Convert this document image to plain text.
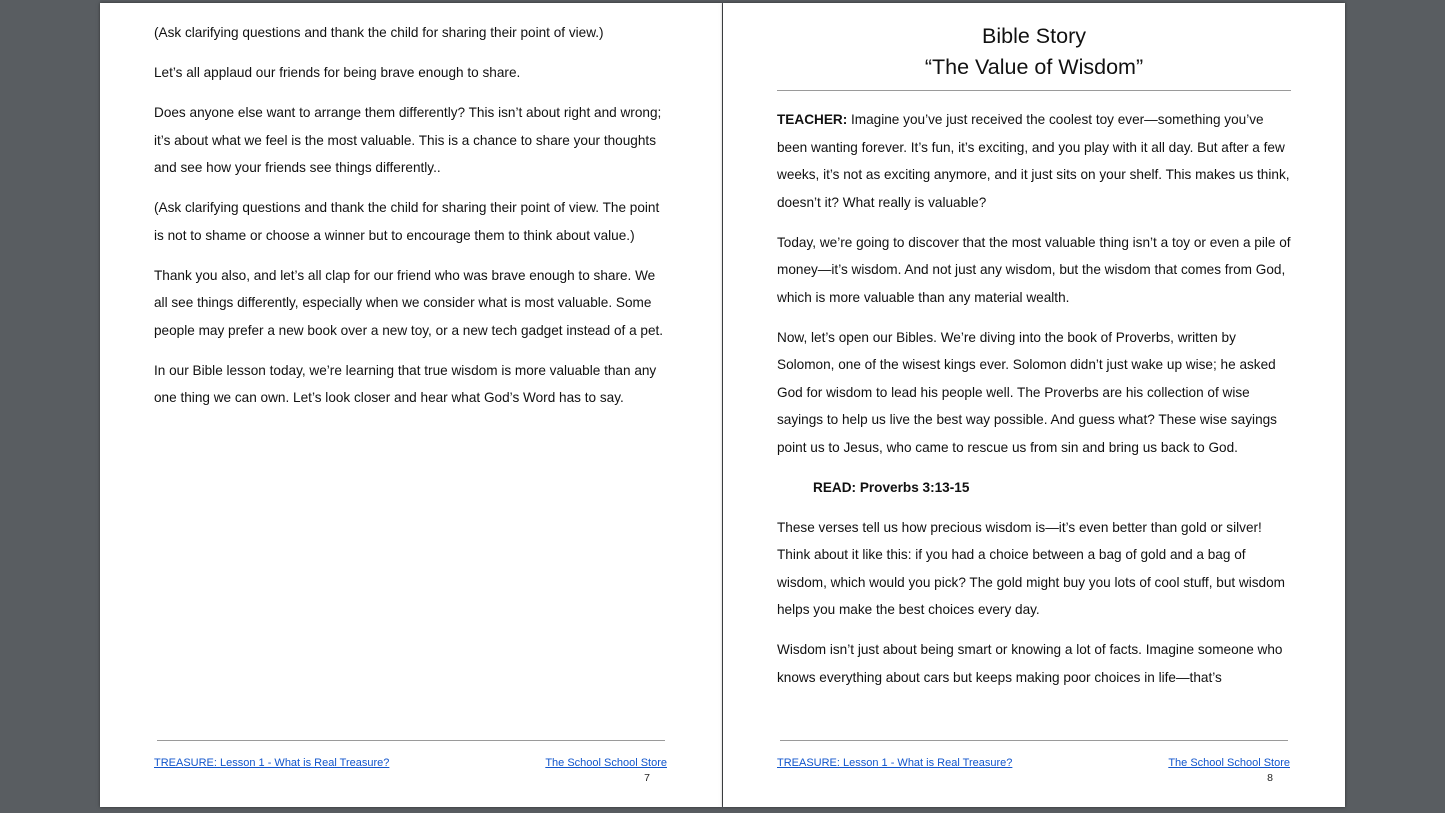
(Ask clarifying questions and thank the child for sharing their point of view.)

Let’s all applaud our friends for being brave enough to share.

Does anyone else want to arrange them differently? This isn’t about right and wrong; it’s about what we feel is the most valuable. This is a chance to share your thoughts and see how your friends see things differently..

(Ask clarifying questions and thank the child for sharing their point of view. The point is not to shame or choose a winner but to encourage them to think about value.)

Thank you also, and let’s all clap for our friend who was brave enough to share. We all see things differently, especially when we consider what is most valuable. Some people may prefer a new book over a new toy, or a new tech gadget instead of a pet.

In our Bible lesson today, we’re learning that true wisdom is more valuable than any one thing we can own. Let’s look closer and hear what God’s Word has to say.

TREASURE: Lesson 1 - What is Real Treasure?	The School School Store
7
Bible Story
“The Value of Wisdom”

TEACHER: Imagine you’ve just received the coolest toy ever—something you’ve been wanting forever. It’s fun, it’s exciting, and you play with it all day. But after a few weeks, it’s not as exciting anymore, and it just sits on your shelf. This makes us think, doesn’t it? What really is valuable?

Today, we’re going to discover that the most valuable thing isn’t a toy or even a pile of money—it’s wisdom. And not just any wisdom, but the wisdom that comes from God, which is more valuable than any material wealth.

Now, let’s open our Bibles. We’re diving into the book of Proverbs, written by Solomon, one of the wisest kings ever. Solomon didn’t just wake up wise; he asked God for wisdom to lead his people well. The Proverbs are his collection of wise sayings to help us live the best way possible. And guess what? These wise sayings point us to Jesus, who came to rescue us from sin and bring us back to God.

READ: Proverbs 3:13-15

These verses tell us how precious wisdom is—it’s even better than gold or silver! Think about it like this: if you had a choice between a bag of gold and a bag of wisdom, which would you pick? The gold might buy you lots of cool stuff, but wisdom helps you make the best choices every day.

Wisdom isn’t just about being smart or knowing a lot of facts. Imagine someone who knows everything about cars but keeps making poor choices in life—that’s

TREASURE: Lesson 1 - What is Real Treasure?	The School School Store
8
